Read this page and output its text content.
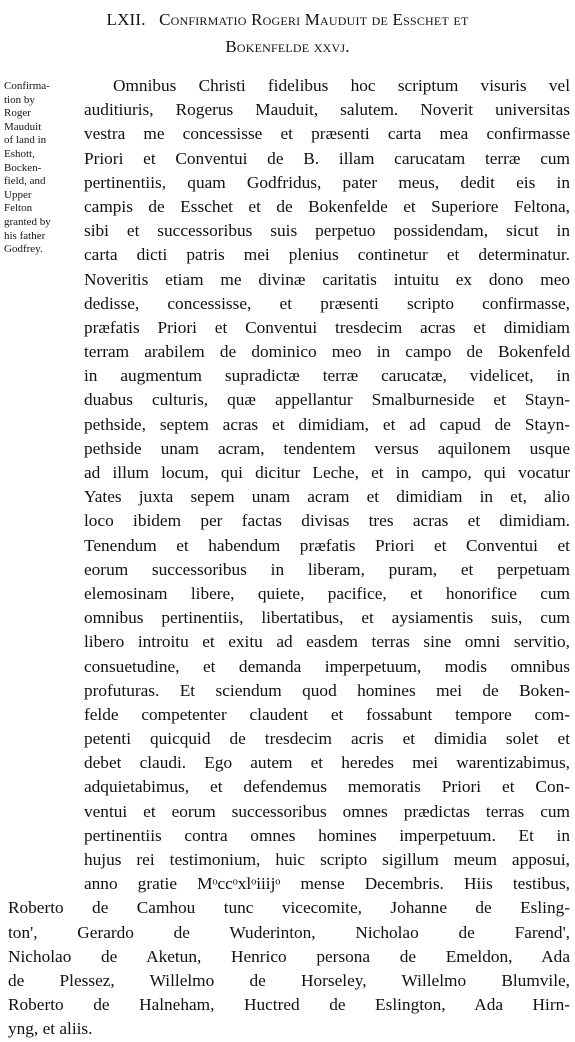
LXII. Confirmatio Rogeri Mauduit de Esschet et
Bokenfelde xxvj.
Confirma-
tion by
Roger
Mauduit
of land in
Eshott,
Bocken-
field, and
Upper
Felton
granted by
his father
Godfrey.
Omnibus Christi fidelibus hoc scriptum visuris vel
auditiuris, Rogerus Mauduit, salutem. Noverit universitas
vestra me concessisse et præsenti carta mea confirmasse
Priori et Conventui de B. illam carucatam terræ cum
pertinentiis, quam Godfridus, pater meus, dedit eis in
campis de Esschet et de Bokenfelde et Superiore Feltona,
sibi et successoribus suis perpetuo possidendam, sicut in
carta dicti patris mei plenius continetur et determinatur.
Noveritis etiam me divinæ caritatis intuitu ex dono meo
dedisse, concessisse, et præsenti scripto confirmasse,
præfatis Priori et Conventui tresdecim acras et dimidiam
terram arabilem de dominico meo in campo de Bokenfeld
in augmentum supradictæ terræ carucatæ, videlicet, in
duabus culturis, quæ appellantur Smalburneside et Stayn-
pethside, septem acras et dimidiam, et ad capud de Stayn-
pethside unam acram, tendentem versus aquilonem usque
ad illum locum, qui dicitur Leche, et in campo, qui vocatur
Yates juxta sepem unam acram et dimidiam in et, alio
loco ibidem per factas divisas tres acras et dimidiam.
Tenendum et habendum præfatis Priori et Conventui et
eorum successoribus in liberam, puram, et perpetuam
elemosinam libere, quiete, pacifice, et honorifice cum
omnibus pertinentiis, libertatibus, et aysiamentis suis, cum
libero introitu et exitu ad easdem terras sine omni servitio,
consuetudine, et demanda imperpetuum, modis omnibus
profuturas. Et sciendum quod homines mei de Boken-
felde competenter claudent et fossabunt tempore com-
petenti quicquid de tresdecim acris et dimidia solet et
debet claudi. Ego autem et heredes mei warentizabimus,
adquietabimus, et defendemus memoratis Priori et Con-
ventui et eorum successoribus omnes prædictas terras cum
pertinentiis contra omnes homines imperpetuum. Et in
hujus rei testimonium, huic scripto sigillum meum apposui,
anno gratie Mᵒccᵒxlᵒiiijᵒ mense Decembris. Hiis testibus,
Roberto de Camhou tunc vicecomite, Johanne de Esling-
ton', Gerardo de Wuderinton, Nicholao de Farend',
Nicholao de Aketun, Henrico persona de Emeldon, Ada
de Plessez, Willelmo de Horseley, Willelmo Blumvile,
Roberto de Halneham, Huctred de Eslington, Ada Hirn-
yng, et aliis.
